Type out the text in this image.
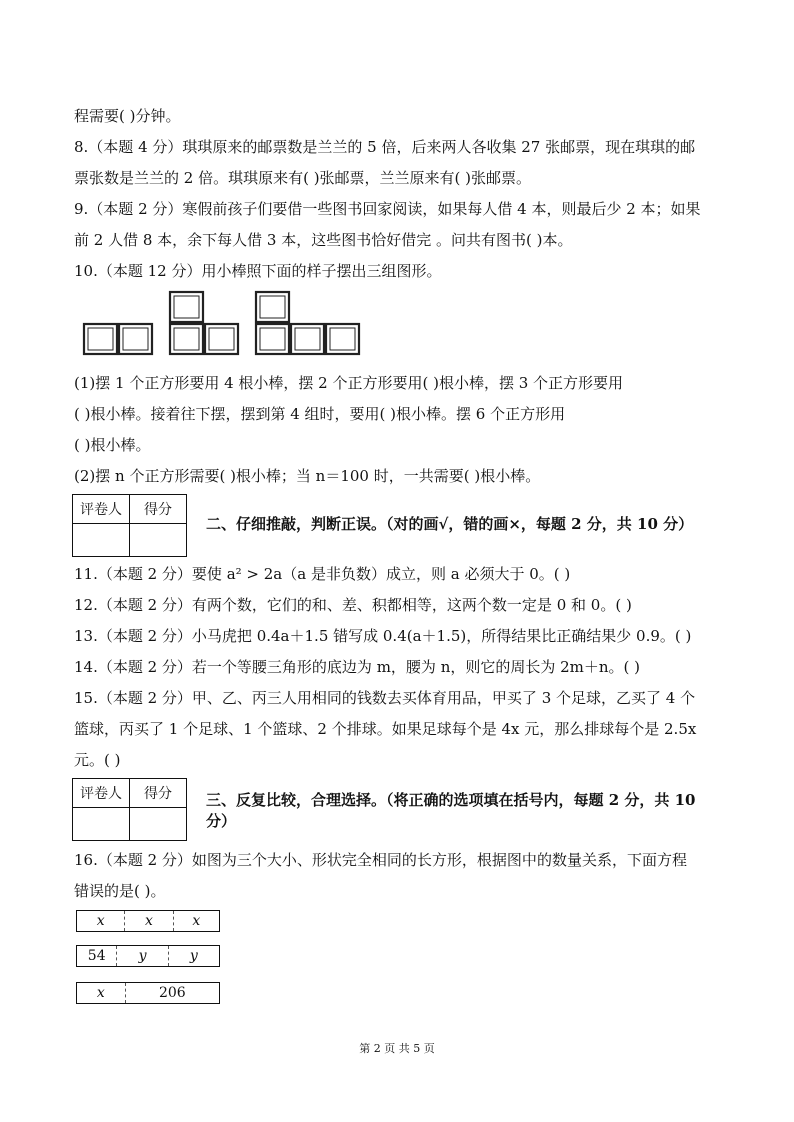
程需要( )分钟。
8.（本题 4 分）琪琪原来的邮票数是兰兰的 5 倍，后来两人各收集 27 张邮票，现在琪琪的邮
票张数是兰兰的 2 倍。琪琪原来有( )张邮票，兰兰原来有( )张邮票。
9.（本题 2 分）寒假前孩子们要借一些图书回家阅读，如果每人借 4 本，则最后少 2 本；如果
前 2 人借 8 本，余下每人借 3 本，这些图书恰好借完 。问共有图书( )本。
10.（本题 12 分）用小棒照下面的样子摆出三组图形。
(1)摆 1 个正方形要用 4 根小棒，摆 2 个正方形要用( )根小棒，摆 3 个正方形要用
( )根小棒。接着往下摆，摆到第 4 组时，要用( )根小棒。摆 6 个正方形用
( )根小棒。
(2)摆 n 个正方形需要( )根小棒；当 n＝100 时，一共需要( )根小棒。
评卷人	得分

二、仔细推敲，判断正误。（对的画√，错的画×，每题 2 分，共 10 分）
11.（本题 2 分）要使 a² > 2a（a 是非负数）成立，则 a 必须大于 0。( )
12.（本题 2 分）有两个数，它们的和、差、积都相等，这两个数一定是 0 和 0。( )
13.（本题 2 分）小马虎把 0.4a＋1.5 错写成 0.4(a＋1.5)，所得结果比正确结果少 0.9。( )
14.（本题 2 分）若一个等腰三角形的底边为 m，腰为 n，则它的周长为 2m＋n。( )
15.（本题 2 分）甲、乙、丙三人用相同的钱数去买体育用品，甲买了 3 个足球，乙买了 4 个
篮球，丙买了 1 个足球、1 个篮球、2 个排球。如果足球每个是 4x 元，那么排球每个是 2.5x
元。( )
评卷人	得分
	三、反复比较，合理选择。（将正确的选项填在括号内，每题 2 分，共 10
分）
16.（本题 2 分）如图为三个大小、形状完全相同的长方形，根据图中的数量关系，下面方程
错误的是( )。
x	x	x
54	y	y
x	206
第 2 页 共 5 页
